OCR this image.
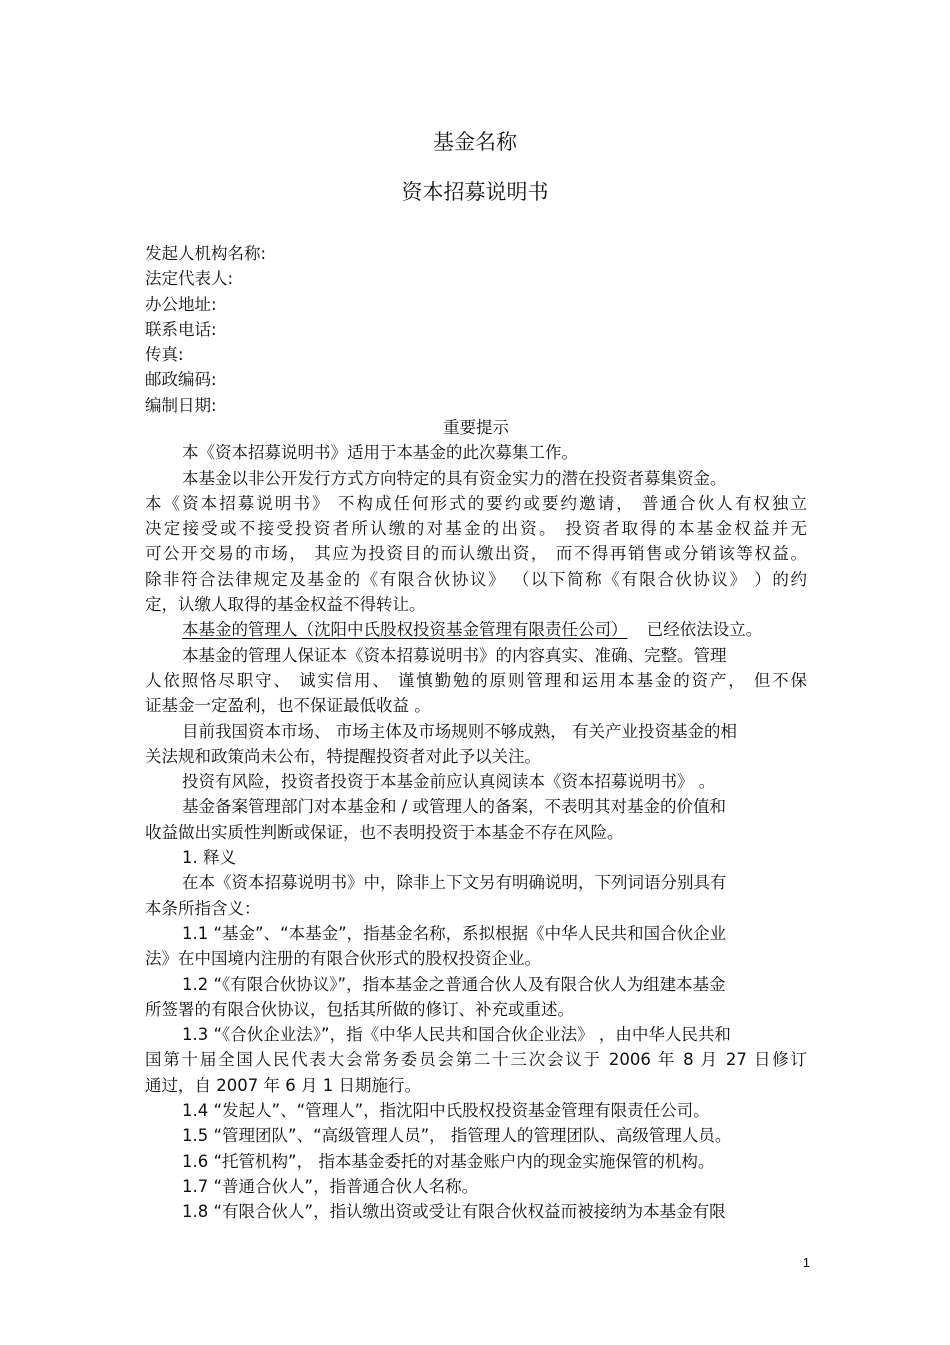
基金名称
资本招募说明书
发起人机构名称:
法定代表人:
办公地址:
联系电话:
传真:
邮政编码:
编制日期:
重要提示
本《资本招募说明书》适用于本基金的此次募集工作。
本基金以非公开发行方式方向特定的具有资金实力的潜在投资者募集资金。
本《资本招募说明书》 不构成任何形式的要约或要约邀请， 普通合伙人有权独立
决定接受或不接受投资者所认缴的对基金的出资。 投资者取得的本基金权益并无
可公开交易的市场， 其应为投资目的而认缴出资， 而不得再销售或分销该等权益。
除非符合法律规定及基金的《有限合伙协议》 （以下简称《有限合伙协议》 ）的约
定，认缴人取得的基金权益不得转让。
本基金的管理人（沈阳中氏股权投资基金管理有限责任公司） 已经依法设立。
本基金的管理人保证本《资本招募说明书》的内容真实、准确、完整。管理
人依照恪尽职守、 诚实信用、 谨慎勤勉的原则管理和运用本基金的资产， 但不保
证基金一定盈利，也不保证最低收益 。
目前我国资本市场、 市场主体及市场规则不够成熟， 有关产业投资基金的相
关法规和政策尚未公布，特提醒投资者对此予以关注。
投资有风险，投资者投资于本基金前应认真阅读本《资本招募说明书》 。
基金备案管理部门对本基金和 / 或管理人的备案，不表明其对基金的价值和
收益做出实质性判断或保证，也不表明投资于本基金不存在风险。
1. 释义
在本《资本招募说明书》中，除非上下文另有明确说明，下列词语分别具有
本条所指含义：
1.1 “基金”、“本基金”，指基金名称，系拟根据《中华人民共和国合伙企业
法》在中国境内注册的有限合伙形式的股权投资企业。
1.2 “《有限合伙协议》”，指本基金之普通合伙人及有限合伙人为组建本基金
所签署的有限合伙协议，包括其所做的修订、补充或重述。
1.3 “《合伙企业法》”，指《中华人民共和国合伙企业法》 ，由中华人民共和
国第十届全国人民代表大会常务委员会第二十三次会议于 2006 年 8 月 27 日修订
通过，自 2007 年 6 月 1 日期施行。
1.4 “发起人”、“管理人”，指沈阳中氏股权投资基金管理有限责任公司。
1.5 “管理团队”、“高级管理人员”， 指管理人的管理团队、高级管理人员。
1.6 “托管机构”， 指本基金委托的对基金账户内的现金实施保管的机构。
1.7 “普通合伙人”，指普通合伙人名称。
1.8 “有限合伙人”，指认缴出资或受让有限合伙权益而被接纳为本基金有限
1
